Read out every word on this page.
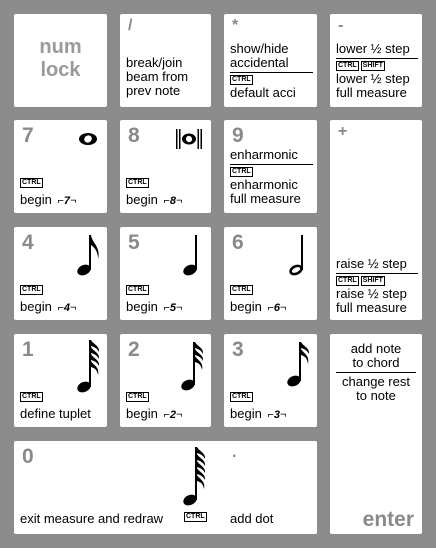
num
lock
/
break/join
beam from
prev note
*
show/hide
accidental
CTRL
default acci
-
lower ½ step
CTRL SHIFT
lower ½ step
full measure
7
CTRL
begin ⌐7¬
8
CTRL
begin ⌐8¬
9
enharmonic
CTRL
enharmonic
full measure
+
raise ½ step
CTRL SHIFT
raise ½ step
full measure
4
CTRL
begin ⌐4¬
5
CTRL
begin ⌐5¬
6
CTRL
begin ⌐6¬
1
CTRL
define tuplet
2
CTRL
begin ⌐2¬
3
CTRL
begin ⌐3¬
add note
to chord
change rest
to note
enter
0
CTRL
exit measure and redraw
.
add dot
